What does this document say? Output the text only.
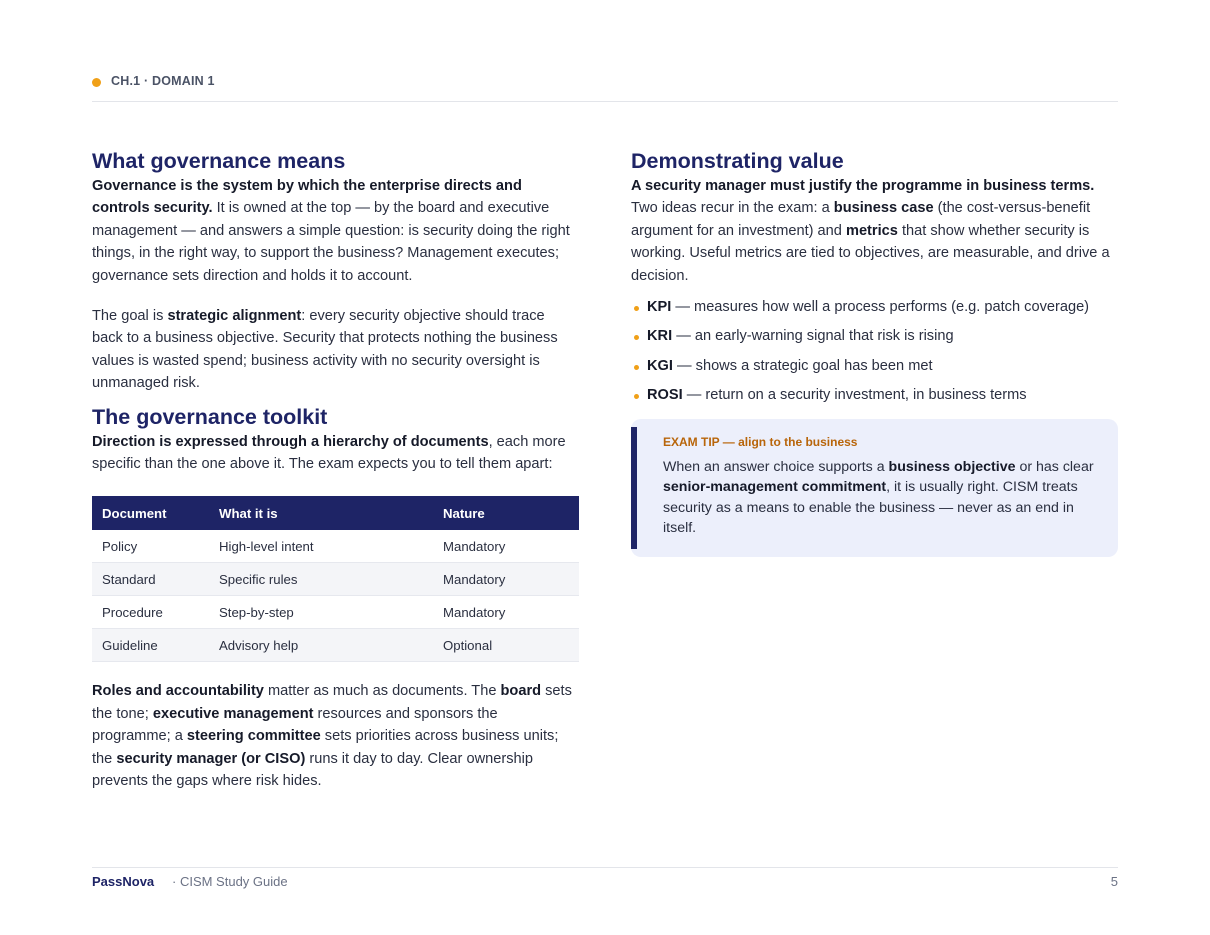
CH.1 · DOMAIN 1
What governance means

Governance is the system by which the enterprise directs and controls security. It is owned at the top — by the board and executive management — and answers a simple question: is security doing the right things, in the right way, to support the business? Management executes; governance sets direction and holds it to account.

The goal is strategic alignment: every security objective should trace back to a business objective. Security that protects nothing the business values is wasted spend; business activity with no security oversight is unmanaged risk.

The governance toolkit

Direction is expressed through a hierarchy of documents, each more specific than the one above it. The exam expects you to tell them apart:

Document	What it is	Nature
Policy	High-level intent	Mandatory
Standard	Specific rules	Mandatory
Procedure	Step-by-step	Mandatory
Guideline	Advisory help	Optional

Roles and accountability matter as much as documents. The board sets the tone; executive management resources and sponsors the programme; a steering committee sets priorities across business units; the security manager (or CISO) runs it day to day. Clear ownership prevents the gaps where risk hides.

Demonstrating value

A security manager must justify the programme in business terms. Two ideas recur in the exam: a business case (the cost-versus-benefit argument for an investment) and metrics that show whether security is working. Useful metrics are tied to objectives, are measurable, and drive a decision.

KPI — measures how well a process performs (e.g. patch coverage)
KRI — an early-warning signal that risk is rising
KGI — shows a strategic goal has been met
ROSI — return on a security investment, in business terms
EXAM TIP — align to the business
When an answer choice supports a business objective or has clear senior-management commitment, it is usually right. CISM treats security as a means to enable the business — never as an end in itself.
PassNova · CISM Study Guide	5
